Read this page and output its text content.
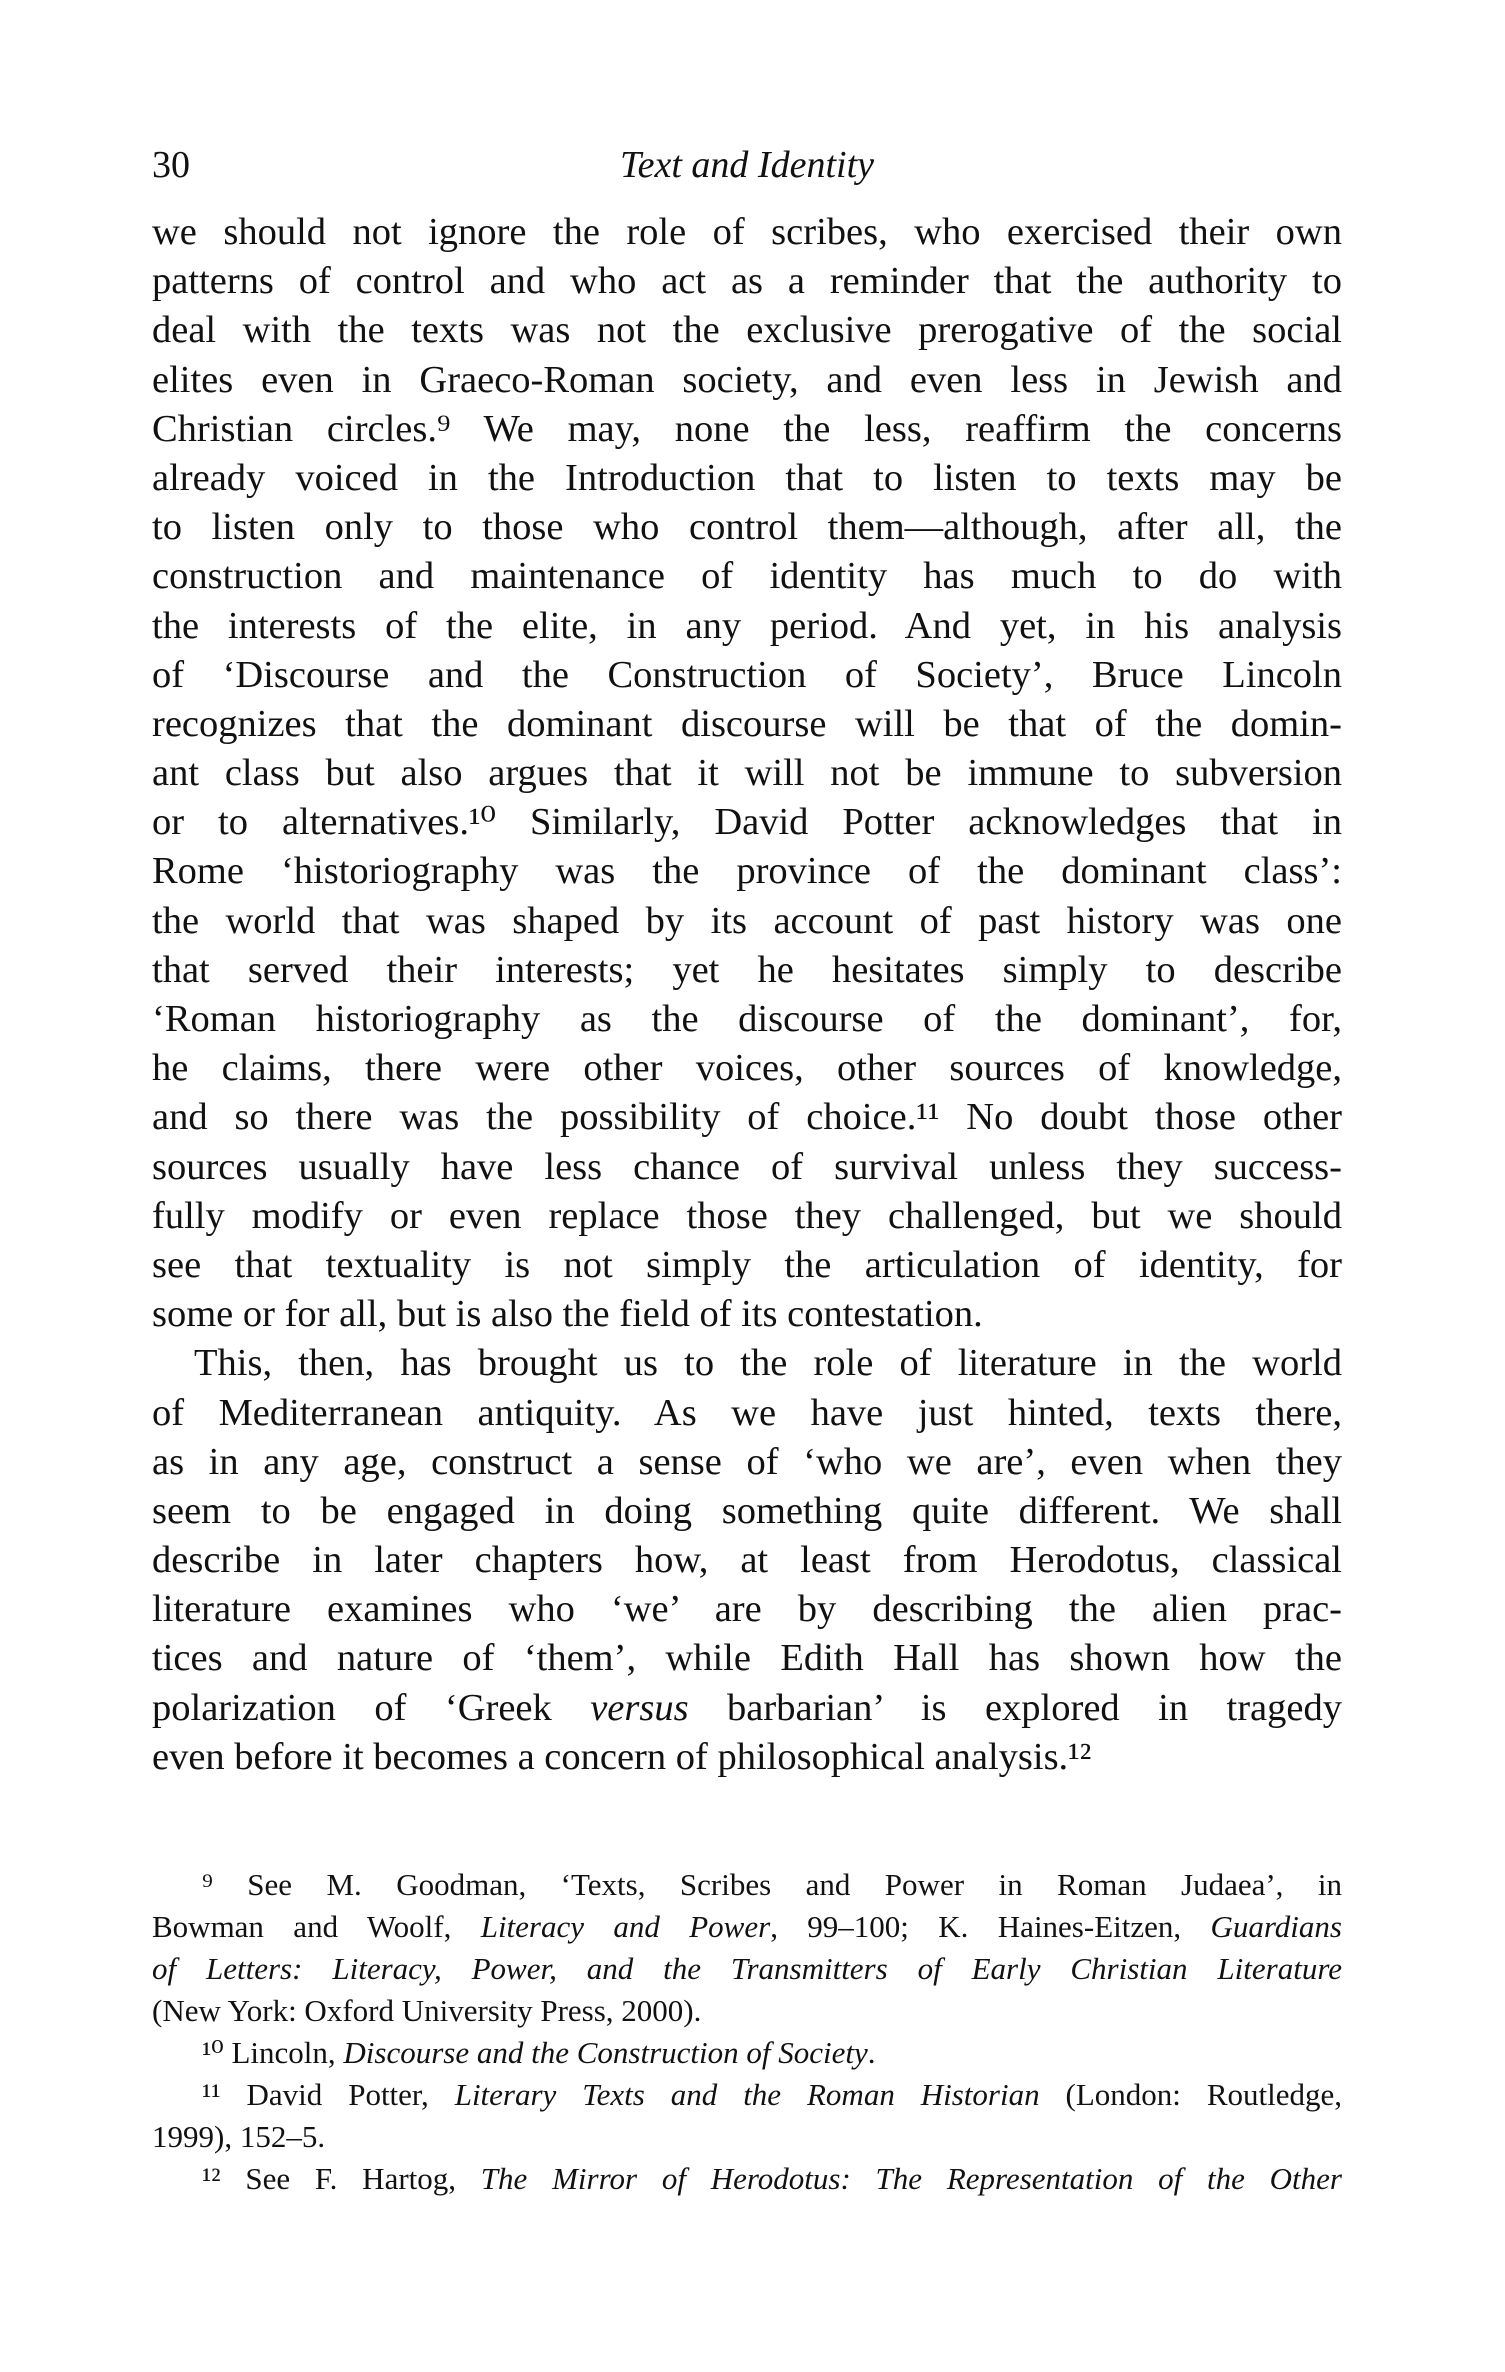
30	Text and Identity
we should not ignore the role of scribes, who exercised their own
patterns of control and who act as a reminder that the authority to
deal with the texts was not the exclusive prerogative of the social
elites even in Graeco-Roman society, and even less in Jewish and
Christian circles.⁹ We may, none the less, reaffirm the concerns
already voiced in the Introduction that to listen to texts may be
to listen only to those who control them—although, after all, the
construction and maintenance of identity has much to do with
the interests of the elite, in any period. And yet, in his analysis
of ‘Discourse and the Construction of Society’, Bruce Lincoln
recognizes that the dominant discourse will be that of the domin-
ant class but also argues that it will not be immune to subversion
or to alternatives.¹⁰ Similarly, David Potter acknowledges that in
Rome ‘historiography was the province of the dominant class’:
the world that was shaped by its account of past history was one
that served their interests; yet he hesitates simply to describe
‘Roman historiography as the discourse of the dominant’, for,
he claims, there were other voices, other sources of knowledge,
and so there was the possibility of choice.¹¹ No doubt those other
sources usually have less chance of survival unless they success-
fully modify or even replace those they challenged, but we should
see that textuality is not simply the articulation of identity, for
some or for all, but is also the field of its contestation.
This, then, has brought us to the role of literature in the world
of Mediterranean antiquity. As we have just hinted, texts there,
as in any age, construct a sense of ‘who we are’, even when they
seem to be engaged in doing something quite different. We shall
describe in later chapters how, at least from Herodotus, classical
literature examines who ‘we’ are by describing the alien prac-
tices and nature of ‘them’, while Edith Hall has shown how the
polarization of ‘Greek versus barbarian’ is explored in tragedy
even before it becomes a concern of philosophical analysis.¹²
⁹ See M. Goodman, ‘Texts, Scribes and Power in Roman Judaea’, in
Bowman and Woolf, Literacy and Power, 99–100; K. Haines-Eitzen, Guardians
of Letters: Literacy, Power, and the Transmitters of Early Christian Literature
(New York: Oxford University Press, 2000).
¹⁰ Lincoln, Discourse and the Construction of Society.
¹¹ David Potter, Literary Texts and the Roman Historian (London: Routledge,
1999), 152–5.
¹² See F. Hartog, The Mirror of Herodotus: The Representation of the Other
